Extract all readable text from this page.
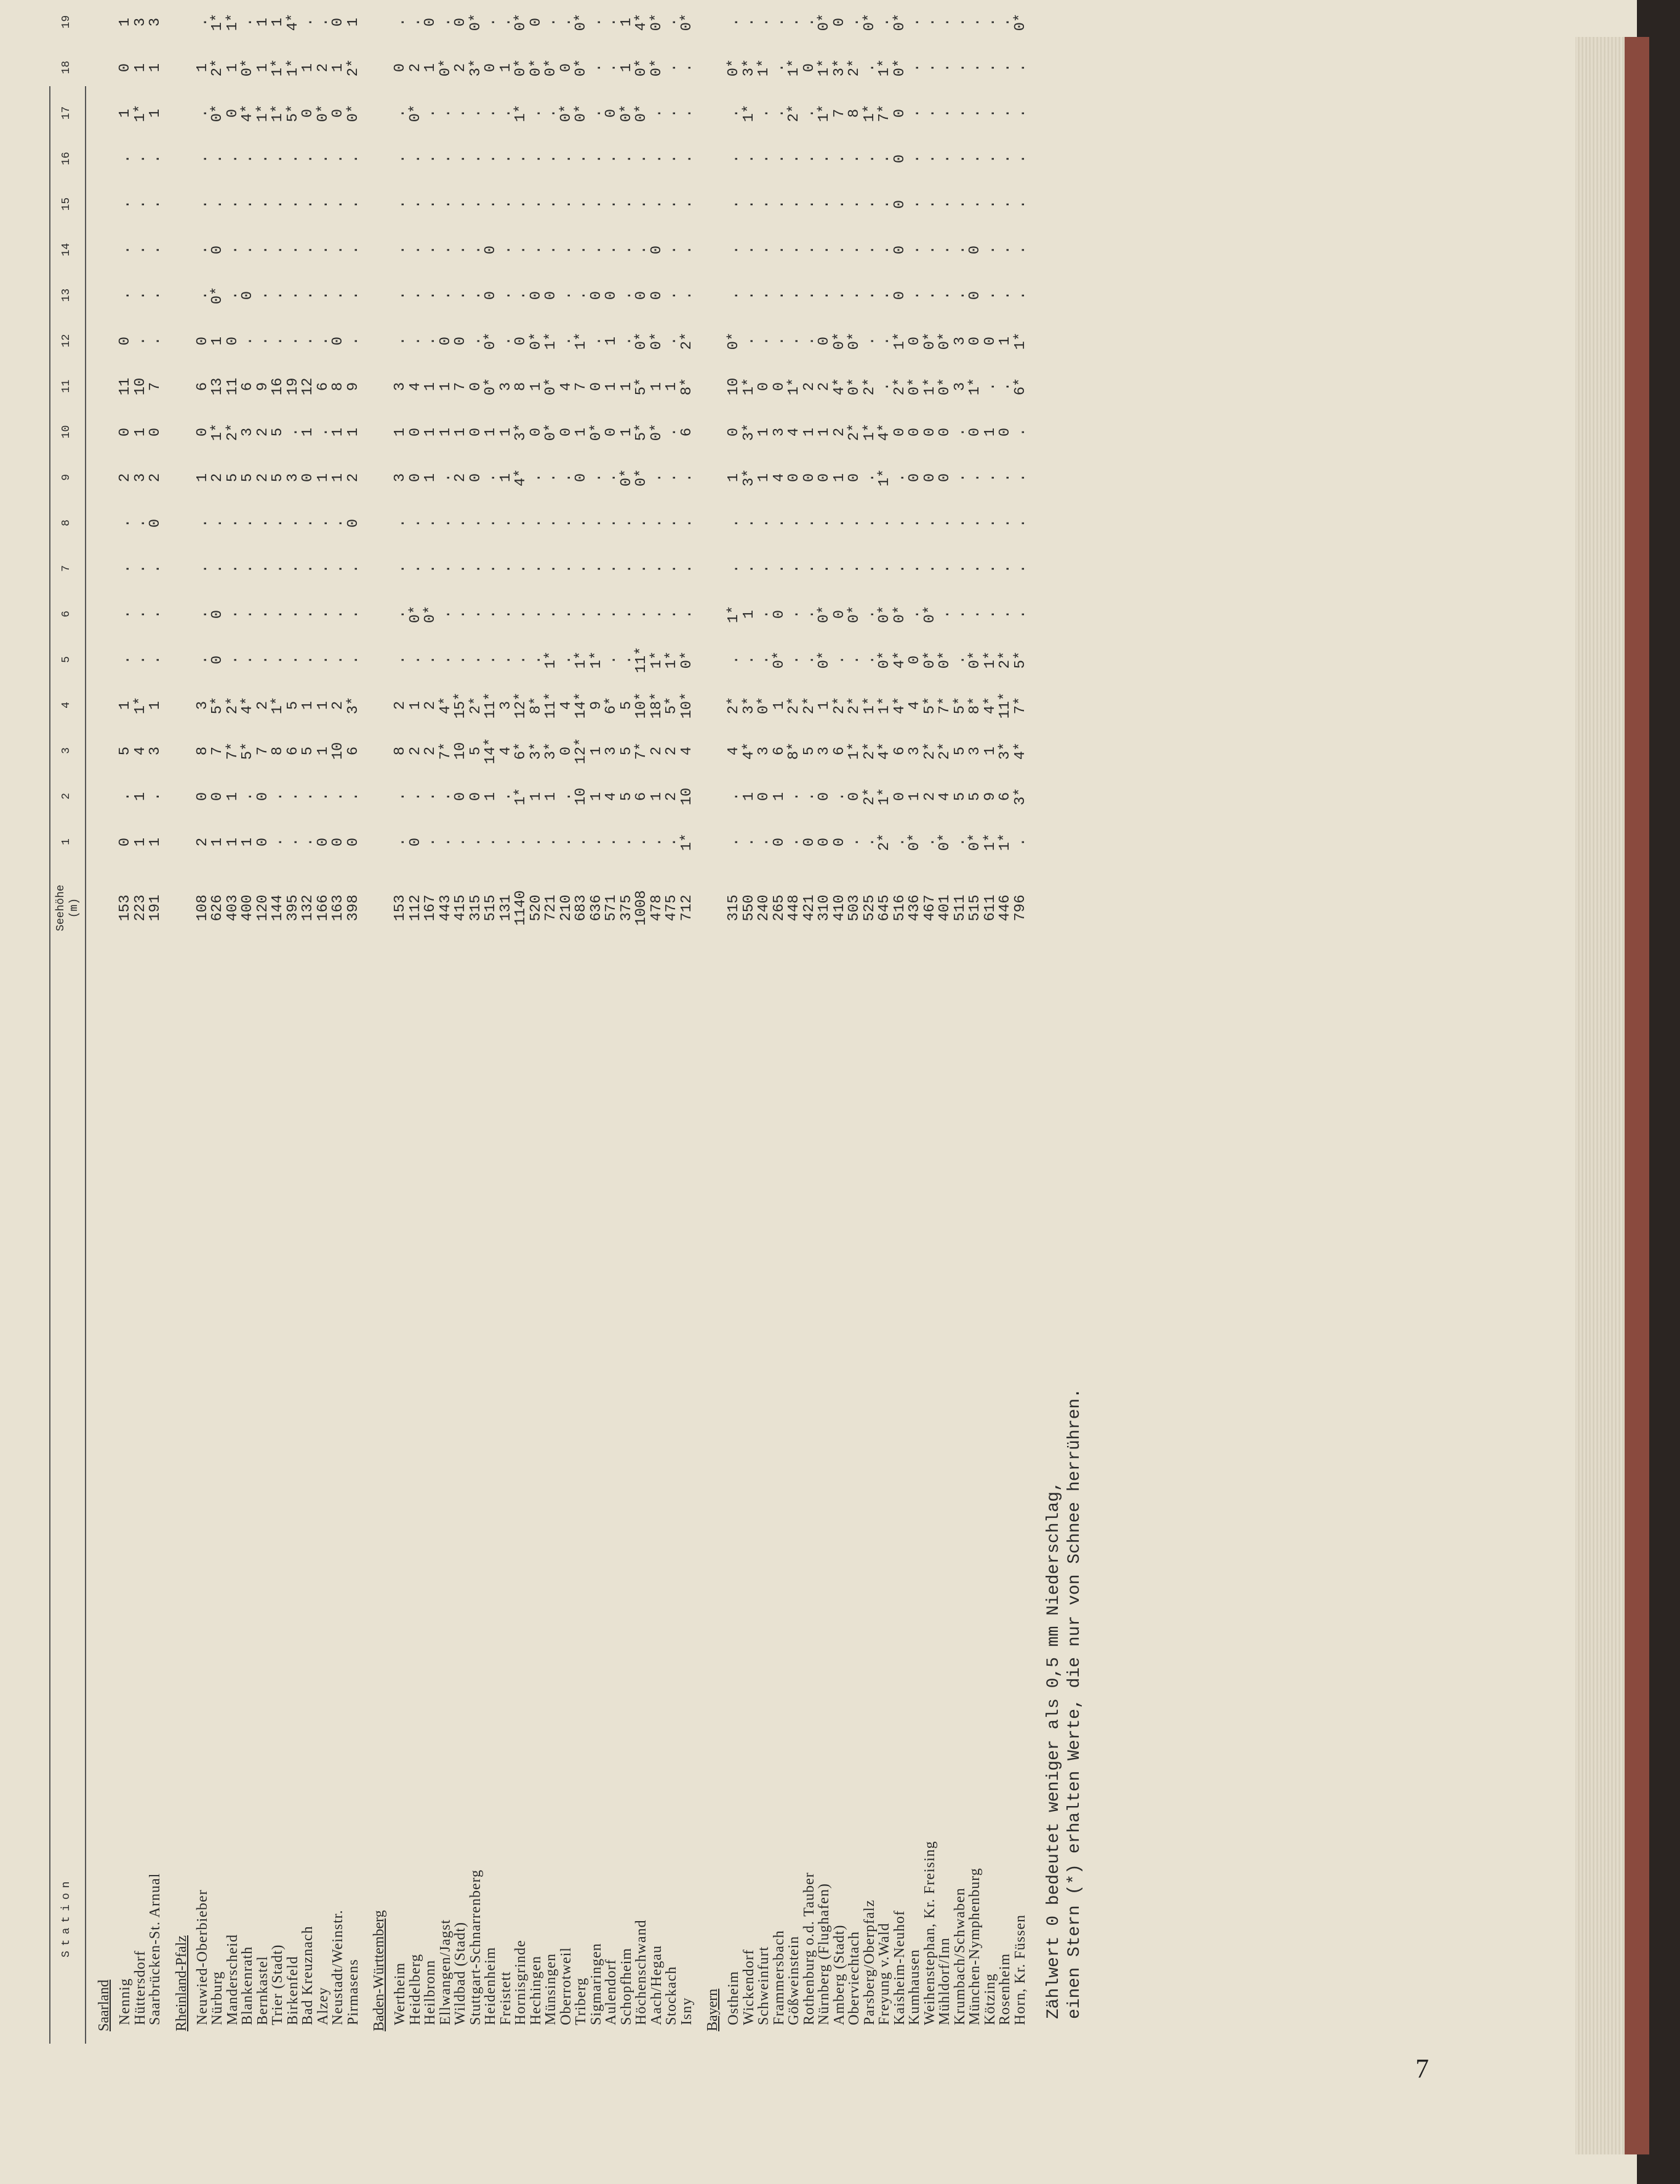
Station
Seehöhe (m)
1
2
3
4
5
6
7
8
9
10
11
12
13
14
15
16
17
18
19
Saarland Nennig
153
0
.
5
1
.
.
.
.
2
0
11
0
.
.
.
.
1
0
1
Hüttersdorf
223
1
1
4
1*
.
.
.
.
3
1
10
.
.
.
.
.
1*
1
3
Saarbrücken-St. Arnual
191
1
.
3
1
.
.
.
0
2
0
7
.
.
.
.
.
1
1
3
Rheinland-Pfalz Neuwied-Oberbieber
108
2
0
8
3
.
.
.
.
1
0
6
0
.
.
.
.
.
1
.
Nürburg
626
1
0
7
5*
0
0
.
.
2
1*
13
1
0*
0
.
.
0*
2*
1*
Manderscheid
403
1
1
7*
2*
.
.
.
.
5
2*
11
0
.
.
.
.
0
1
1*
Blankenrath
400
1
.
5*
4*
.
.
.
.
5
3
6
.
0
.
.
.
4*
0*
.
Bernkastel
120
0
0
7
2
.
.
.
.
2
2
9
.
.
.
.
.
1*
1
1
Trier (Stadt)
144
.
.
8
1*
.
.
.
.
5
5
16
.
.
.
.
.
1*
1*
1
Birkenfeld
395
.
.
6
5
.
.
.
.
3
.
19
.
.
.
.
.
5*
1*
4*
Bad Kreuznach
132
.
.
5
1
.
.
.
.
0
1
12
.
.
.
.
.
0
1
.
Alzey
166
0
.
1
1
.
.
.
.
1
.
6
.
.
.
.
.
0*
2
.
Neustadt/Weinstr.
163
0
.
10
2
.
.
.
.
1
1
8
0
.
.
.
.
0
1
0
Pirmasens
398
0
.
6
3*
.
.
.
0
2
1
9
.
.
.
.
.
0*
2*
1
Baden-Württemberg Wertheim
153
.
.
8
2
.
.
.
.
3
1
3
.
.
.
.
.
.
0
.
Heidelberg
112
0
.
2
1
.
0*
.
.
0
0
4
.
.
.
.
.
0*
2
.
Heilbronn
167
.
.
2
2
.
0*
.
.
1
1
1
.
.
.
.
.
.
1
0
Ellwangen/Jagst
443
.
.
7*
4*
.
.
.
.
.
1
1
0
.
.
.
.
.
0*
.
Wildbad (Stadt)
415
.
0
10
15*
.
.
.
.
2
1
7
0
.
.
.
.
.
2
0
Stuttgart-Schnarrenberg
315
.
0
5
2*
.
.
.
.
0
0
0
.
.
.
.
.
.
3*
0*
Heidenheim
515
.
1
14*
11*
.
.
.
.
.
1
0*
0*
0
0
.
.
.
0
.
Freistett
131
.
.
4
3
.
.
.
.
1
1
3
.
.
.
.
.
.
1
.
Hornisgrinde
1140
.
1*
6*
12*
.
.
.
.
4*
3*
8
0
.
.
.
.
1*
0*
0*
Hechingen
520
.
1
3*
8*
.
.
.
.
.
0
1
0*
0
.
.
.
.
0*
0
Münsingen
721
.
1
3*
11*
1*
.
.
.
.
0*
0*
1*
0
.
.
.
.
0*
.
Oberrotweil
210
.
.
0
4
.
.
.
.
.
0
4
.
.
.
.
.
0*
0
.
Triberg
683
.
10
12*
14*
1*
.
.
.
0
1
7
1*
.
.
.
.
0*
0*
0*
Sigmaringen
636
.
1
1
9
1*
.
.
.
.
0*
0
.
0
.
.
.
.
.
.
Aulendorf
571
.
4
3
6*
.
.
.
.
.
0
1
1
0
.
.
.
0
.
.
Schopfheim
375
.
5
5
5
.
.
.
.
0*
1
1
.
.
.
.
.
0*
1
1
Höchenschwand
1008
.
6
7*
10*
11*
.
.
.
0*
5*
5*
0*
0
.
.
.
0*
0*
4*
Aach/Hegau
478
.
1
2
18*
1*
.
.
.
.
0*
1
0*
0
0
.
.
.
0*
0*
Stockach
475
.
2
2
5*
1*
.
.
.
.
.
1
.
.
.
.
.
.
.
.
Isny
712
1*
10
4
10*
0*
.
.
.
.
6
8*
2*
.
.
.
.
.
.
0*
Bayern Ostheim
315
.
.
4
2*
.
1*
.
.
1
0
10
0*
.
.
.
.
.
0*
.
Wickendorf
550
.
1
4*
3*
.
1
.
.
3*
3*
1*
.
.
.
.
.
1*
3*
.
Schweinfurt
240
.
0
3
0*
.
.
.
.
1
1
0
.
.
.
.
.
.
1*
.
Frammersbach
265
0
1
6
1
0*
0
.
.
4
3
0
.
.
.
.
.
.
.
.
Gößweinstein
448
.
.
8*
2*
.
.
.
.
0
4
1*
.
.
.
.
.
2*
1*
.
Rothenburg o.d. Tauber
421
0
.
5
2*
.
.
.
.
0
1
2
.
.
.
.
.
.
0
.
Nürnberg (Flughafen)
310
0
0
3
1
0*
0*
.
.
0
1
2
0
.
.
.
.
1*
1*
0*
Amberg (Stadt)
410
0
.
6
2*
.
0
.
.
1
2
4*
0*
.
.
.
.
7
3*
0
Oberviechtach
503
.
0
1*
2*
.
0*
.
.
0
2*
0*
0*
.
.
.
.
8
2*
.
Parsberg/Oberpfalz
525
.
2*
2*
1*
.
.
.
.
.
1*
2*
.
.
.
.
.
1*
.
0*
Freyung v.Wald
645
2*
1*
4*
1*
0*
0*
.
.
1*
4*
.
.
.
.
.
.
7*
1*
.
Kaisheim-Neuhof
516
.
0
6
4*
4*
0*
.
.
.
0
2*
1*
0
0
0
0
0
0*
0*
Kumhausen
436
0*
1
3
4
0
.
.
.
0
0
0*
0
.
.
.
.
.
.
.
Weihenstephan, Kr. Freising
467
.
2
2*
5*
0*
0*
.
.
0
0
1*
0*
.
.
.
.
.
.
.
Mühldorf/Inn
401
0*
4
2*
7*
0*
.
.
.
0
0
0*
0*
.
.
.
.
.
.
.
Krumbach/Schwaben
511
.
5
5
5*
.
.
.
.
.
.
3
3
.
.
.
.
.
.
.
München-Nymphenburg
515
0*
5
3
8*
0*
.
.
.
.
0
1*
0
0
0
.
.
.
.
.
Kötzing
611
1*
9
1
4*
1*
.
.
.
.
1
.
0
.
.
.
.
.
.
.
Rosenheim
446
1*
6
3*
11*
2*
.
.
.
.
0
.
1
.
.
.
.
.
.
.
Horn, Kr. Füssen
796
.
3*
4*
7*
5*
.
.
.
.
.
6*
1*
.
.
.
.
.
.
0*
Zählwert 0 bedeutet weniger als 0,5 mm Niederschlag, einen Stern (*) erhalten Werte, die nur von Schnee herrühren.
7
